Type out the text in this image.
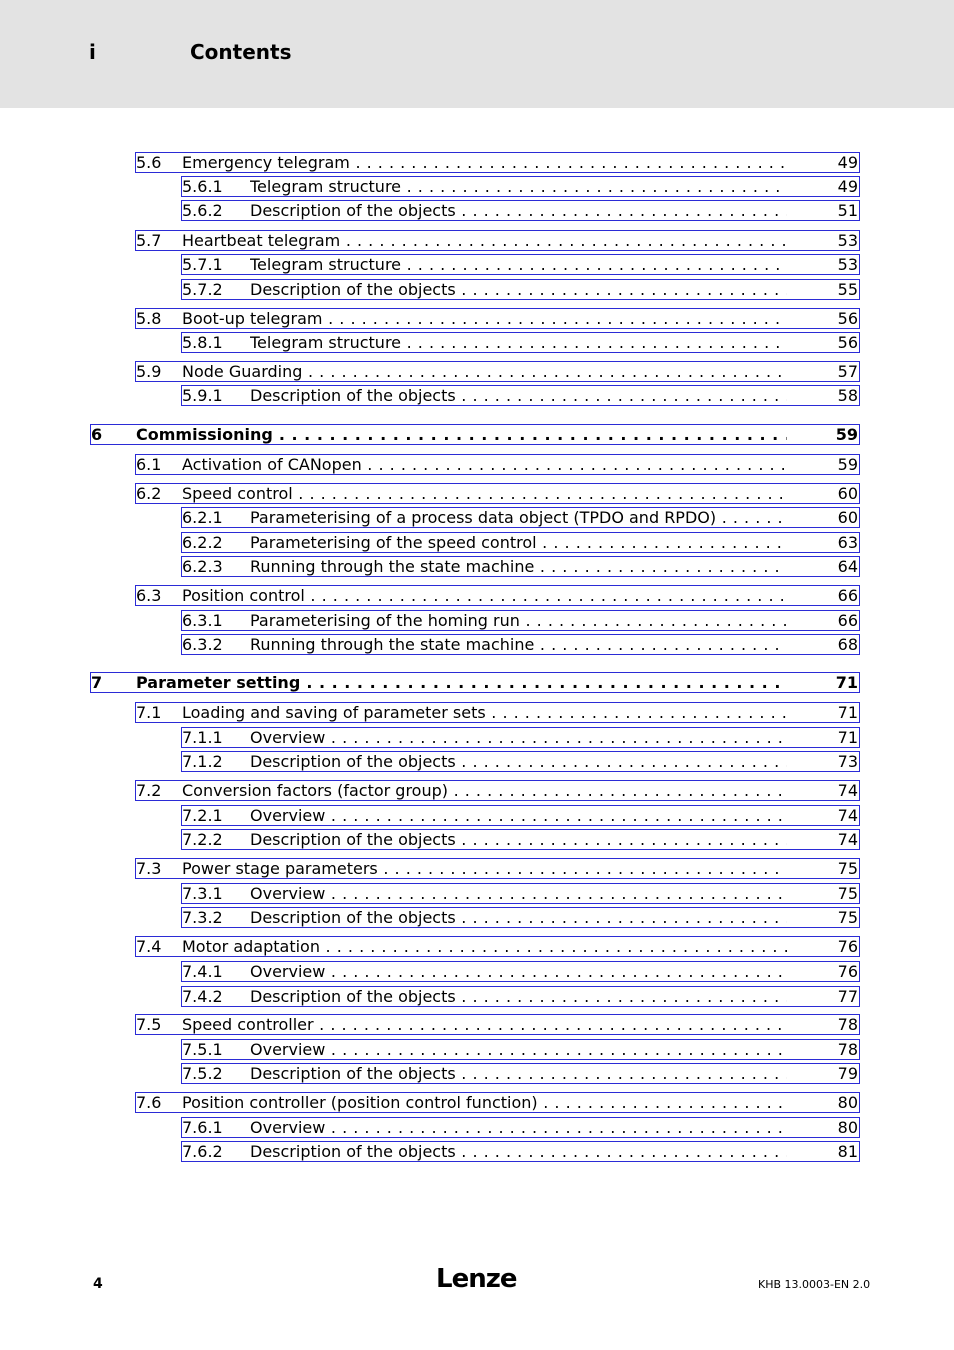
i	Contents
5.6 Emergency telegram . . .	49
5.6.1 Telegram structure . . .	49
5.6.2 Description of the objects . . .	51
5.7 Heartbeat telegram . . .	53
5.7.1 Telegram structure . . .	53
5.7.2 Description of the objects . . .	55
5.8 Boot-up telegram . . .	56
5.8.1 Telegram structure . . .	56
5.9 Node Guarding . . .	57
5.9.1 Description of the objects . . .	58
6 Commissioning . . .	59
6.1 Activation of CANopen . . .	59
6.2 Speed control . . .	60
6.2.1 Parameterising of a process data object (TPDO and RPDO) . . .	60
6.2.2 Parameterising of the speed control . . .	63
6.2.3 Running through the state machine . . .	64
6.3 Position control . . .	66
6.3.1 Parameterising of the homing run . . .	66
6.3.2 Running through the state machine . . .	68
7 Parameter setting . . .	71
7.1 Loading and saving of parameter sets . . .	71
7.1.1 Overview . . .	71
7.1.2 Description of the objects . . .	73
7.2 Conversion factors (factor group) . . .	74
7.2.1 Overview . . .	74
7.2.2 Description of the objects . . .	74
7.3 Power stage parameters . . .	75
7.3.1 Overview . . .	75
7.3.2 Description of the objects . . .	75
7.4 Motor adaptation . . .	76
7.4.1 Overview . . .	76
7.4.2 Description of the objects . . .	77
7.5 Speed controller . . .	78
7.5.1 Overview . . .	78
7.5.2 Description of the objects . . .	79
7.6 Position controller (position control function) . . .	80
7.6.1 Overview . . .	80
7.6.2 Description of the objects . . .	81
4	Lenze	KHB 13.0003-EN 2.0
